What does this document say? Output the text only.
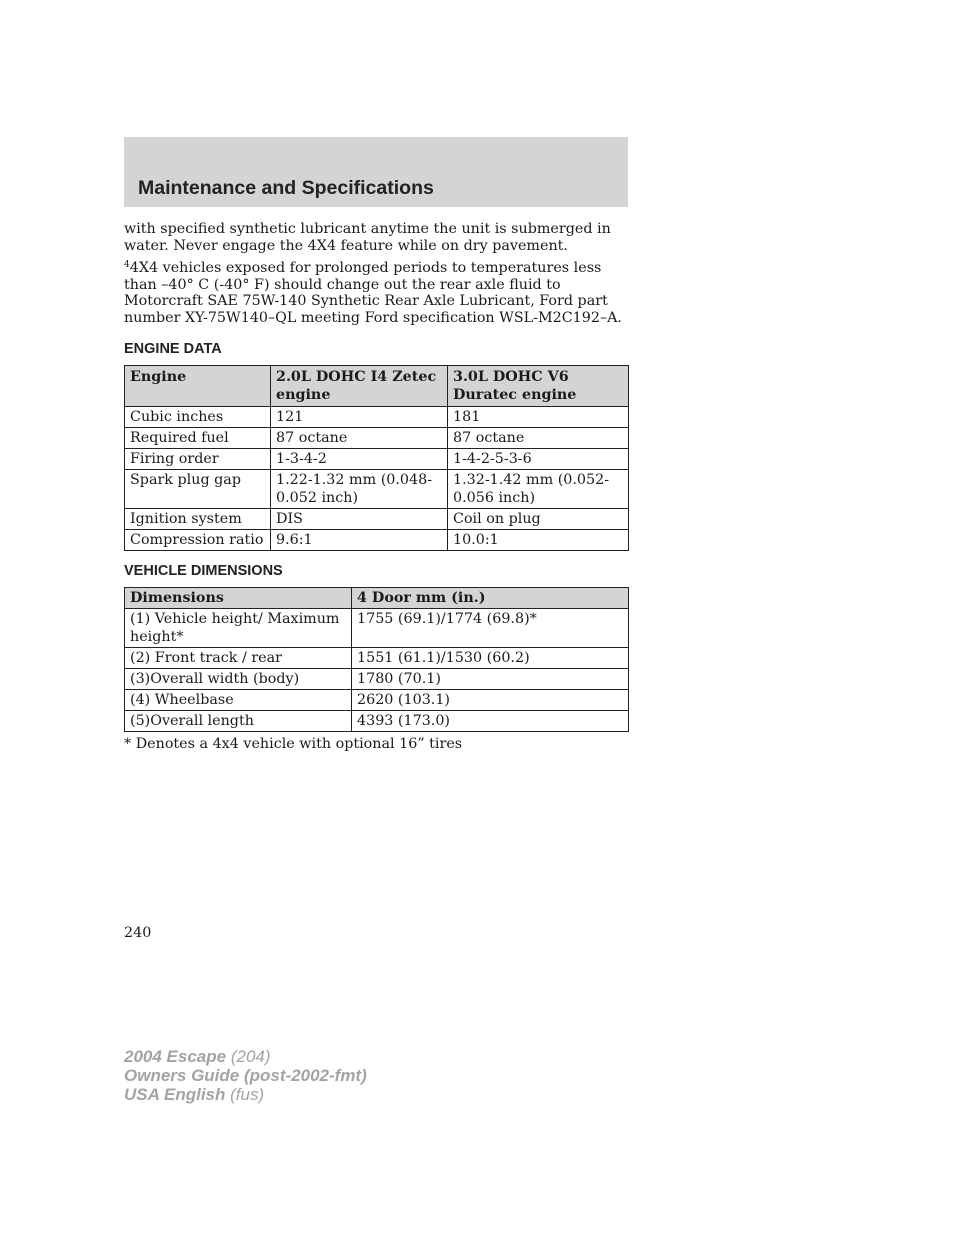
Maintenance and Specifications

with specified synthetic lubricant anytime the unit is submerged in water. Never engage the 4X4 feature while on dry pavement.

$^4$4X4 vehicles exposed for prolonged periods to temperatures less than –40° C (-40° F) should change out the rear axle fluid to Motorcraft SAE 75W-140 Synthetic Rear Axle Lubricant, Ford part number XY-75W140–QL meeting Ford specification WSL-M2C192–A.

ENGINE DATA
Engine	2.0L DOHC I4 Zetec engine	3.0L DOHC V6 Duratec engine
Cubic inches	121	181
Required fuel	87 octane	87 octane
Firing order	1-3-4-2	1-4-2-5-3-6
Spark plug gap	1.22-1.32 mm (0.048-0.052 inch)	1.32-1.42 mm (0.052-0.056 inch)
Ignition system	DIS	Coil on plug
Compression ratio	9.6:1	10.0:1
VEHICLE DIMENSIONS
Dimensions	4 Door mm (in.)
(1) Vehicle height/ Maximum height*	1755 (69.1)/1774 (69.8)*
(2) Front track / rear	1551 (61.1)/1530 (60.2)
(3)Overall width (body)	1780 (70.1)
(4) Wheelbase	2620 (103.1)
(5)Overall length	4393 (173.0)

* Denotes a 4x4 vehicle with optional 16” tires

240
2004 Escape (204)
Owners Guide (post-2002-fmt)
USA English (fus)
